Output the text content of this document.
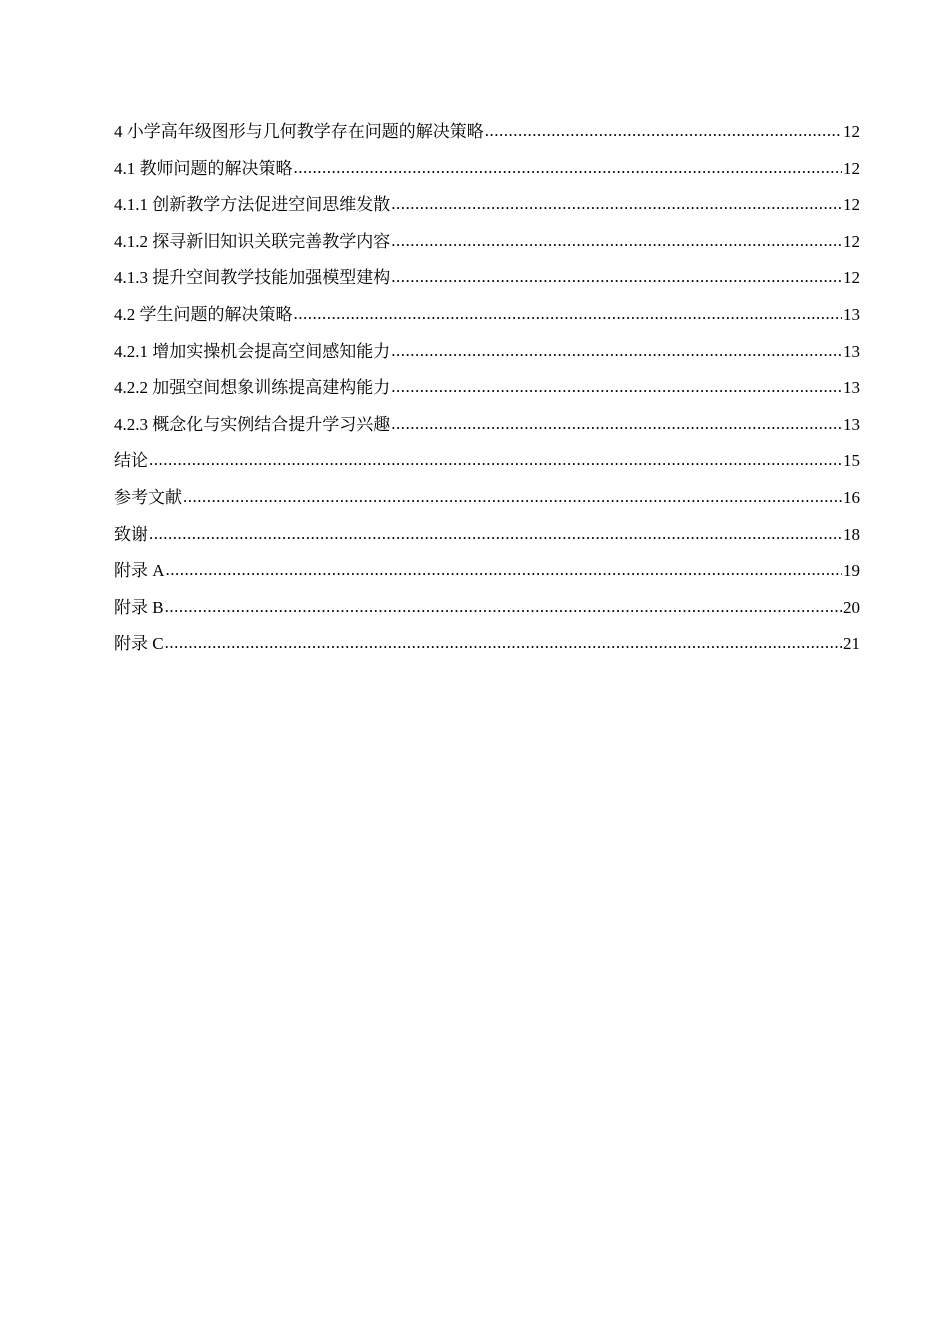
4 小学高年级图形与几何教学存在问题的解决策略 .....	12
4.1 教师问题的解决策略 .....	12
4.1.1 创新教学方法促进空间思维发散 .....	12
4.1.2 探寻新旧知识关联完善教学内容 .....	12
4.1.3 提升空间教学技能加强模型建构 .....	12
4.2 学生问题的解决策略 .....	13
4.2.1 增加实操机会提高空间感知能力 .....	13
4.2.2 加强空间想象训练提高建构能力 .....	13
4.2.3 概念化与实例结合提升学习兴趣 .....	13
结论 .....	15
参考文献 .....	16
致谢 .....	18
附录 A .....	19
附录 B .....	20
附录 C .....	21
